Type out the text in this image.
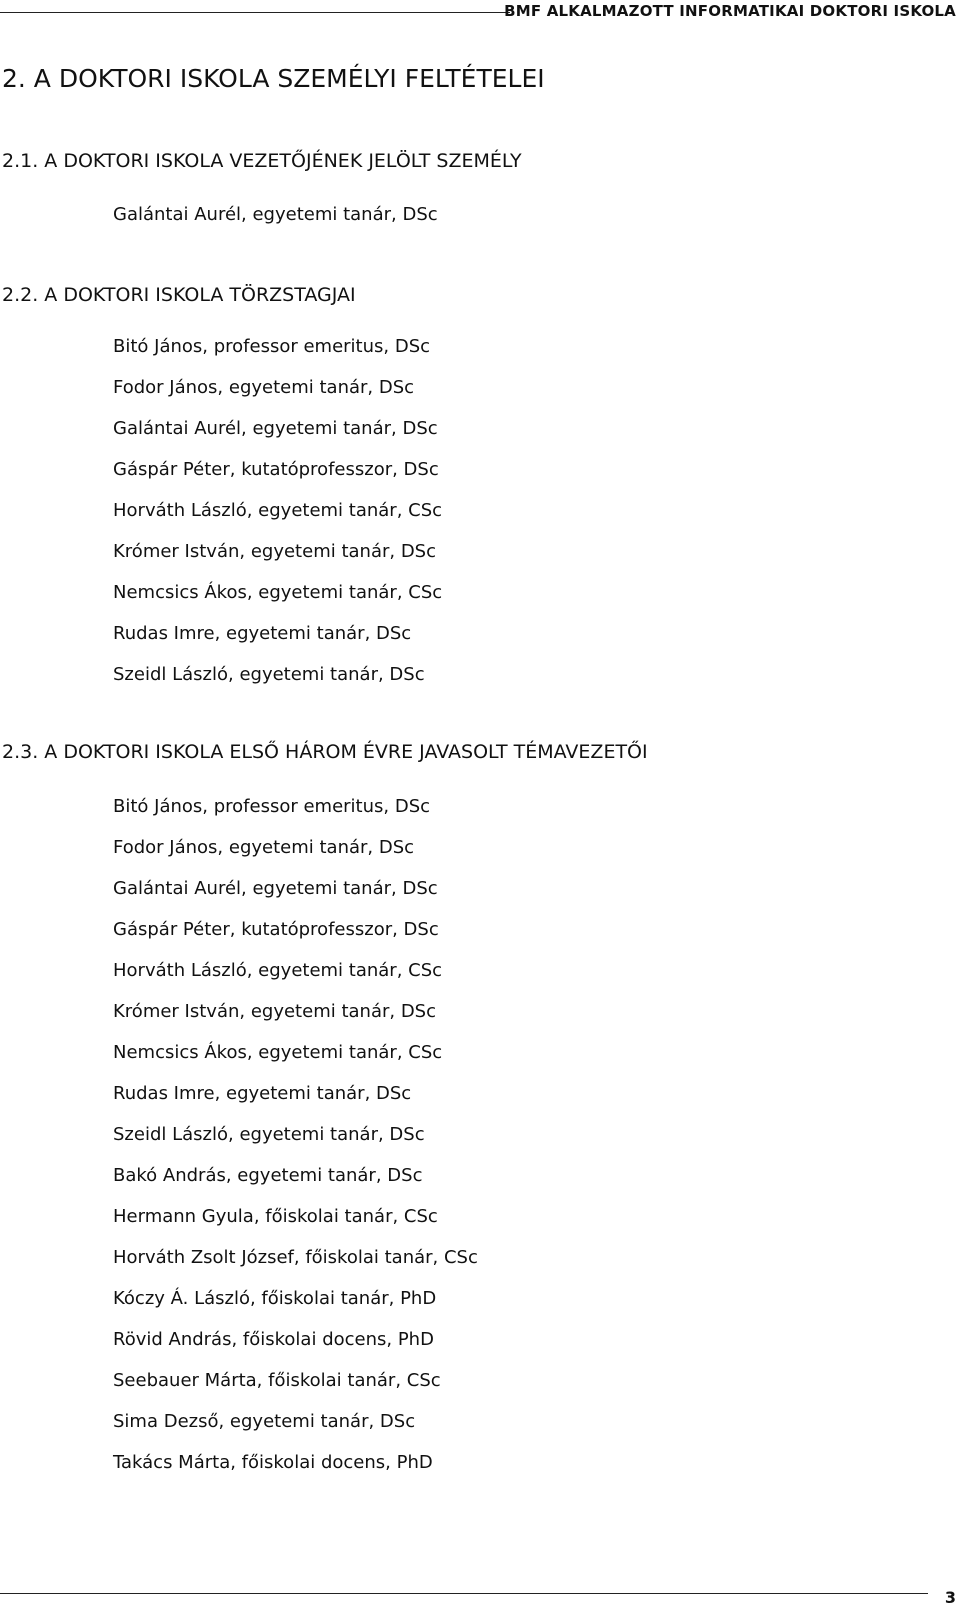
BMF ALKALMAZOTT INFORMATIKAI DOKTORI ISKOLA
2. A DOKTORI ISKOLA SZEMÉLYI FELTÉTELEI
2.1. A DOKTORI ISKOLA VEZETŐJÉNEK JELÖLT SZEMÉLY

Galántai Aurél, egyetemi tanár, DSc

2.2. A DOKTORI ISKOLA TÖRZSTAGJAI

Bitó János, professor emeritus, DSc

Fodor János, egyetemi tanár, DSc

Galántai Aurél, egyetemi tanár, DSc

Gáspár Péter, kutatóprofesszor, DSc

Horváth László, egyetemi tanár, CSc

Krómer István, egyetemi tanár, DSc

Nemcsics Ákos, egyetemi tanár, CSc

Rudas Imre, egyetemi tanár, DSc

Szeidl László, egyetemi tanár, DSc

2.3. A DOKTORI ISKOLA ELSŐ HÁROM ÉVRE JAVASOLT TÉMAVEZETŐI

Bitó János, professor emeritus, DSc

Fodor János, egyetemi tanár, DSc

Galántai Aurél, egyetemi tanár, DSc

Gáspár Péter, kutatóprofesszor, DSc

Horváth László, egyetemi tanár, CSc

Krómer István, egyetemi tanár, DSc

Nemcsics Ákos, egyetemi tanár, CSc

Rudas Imre, egyetemi tanár, DSc

Szeidl László, egyetemi tanár, DSc

Bakó András, egyetemi tanár, DSc

Hermann Gyula, főiskolai tanár, CSc

Horváth Zsolt József, főiskolai tanár, CSc

Kóczy Á. László, főiskolai tanár, PhD

Rövid András, főiskolai docens, PhD

Seebauer Márta, főiskolai tanár, CSc

Sima Dezső, egyetemi tanár, DSc

Takács Márta, főiskolai docens, PhD

3
